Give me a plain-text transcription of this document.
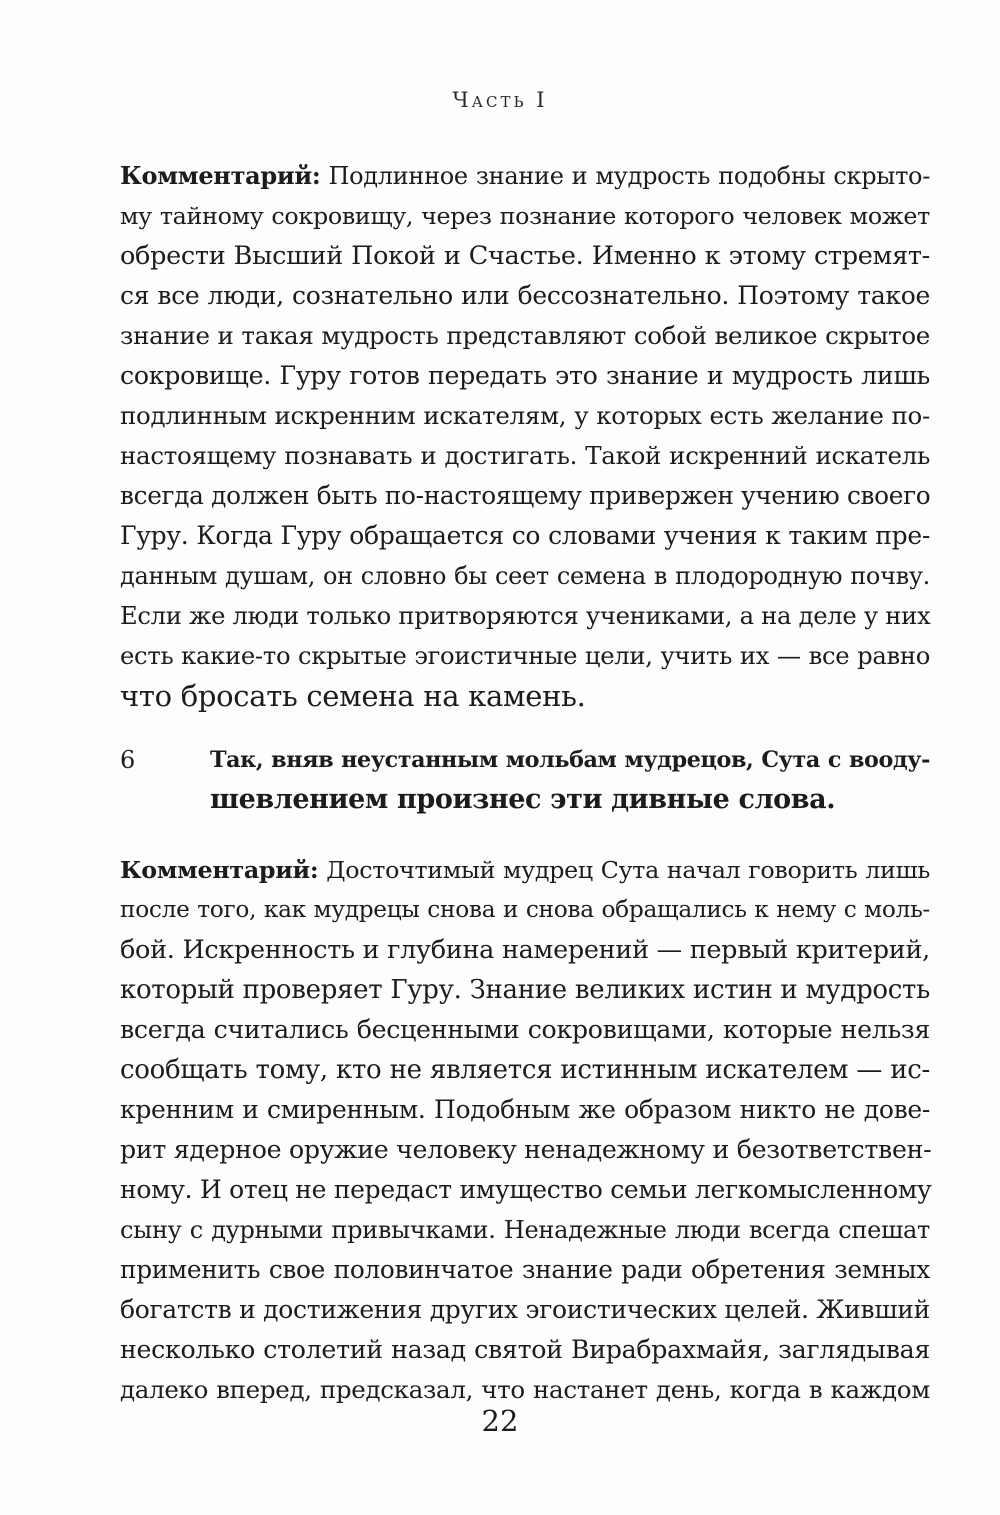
Часть I
Комментарий: Подлинное знание и мудрость подобны скрыто-
му тайному сокровищу, через познание которого человек может
обрести Высший Покой и Счастье. Именно к этому стремят-
ся все люди, сознательно или бессознательно. Поэтому такое
знание и такая мудрость представляют собой великое скрытое
сокровище. Гуру готов передать это знание и мудрость лишь
подлинным искренним искателям, у которых есть желание по-
настоящему познавать и достигать. Такой искренний искатель
всегда должен быть по-настоящему привержен учению своего
Гуру. Когда Гуру обращается со словами учения к таким пре-
данным душам, он словно бы сеет семена в плодородную почву.
Если же люди только притворяются учениками, а на деле у них
есть какие-то скрытые эгоистичные цели, учить их — все равно
что бросать семена на камень.
6	Так, вняв неустанным мольбам мудрецов, Сута с вооду-
шевлением произнес эти дивные слова.
Комментарий: Досточтимый мудрец Сута начал говорить лишь
после того, как мудрецы снова и снова обращались к нему с моль-
бой. Искренность и глубина намерений — первый критерий,
который проверяет Гуру. Знание великих истин и мудрость
всегда считались бесценными сокровищами, которые нельзя
сообщать тому, кто не является истинным искателем — ис-
кренним и смиренным. Подобным же образом никто не дове-
рит ядерное оружие человеку ненадежному и безответствен-
ному. И отец не передаст имущество семьи легкомысленному
сыну с дурными привычками. Ненадежные люди всегда спешат
применить свое половинчатое знание ради обретения земных
богатств и достижения других эгоистических целей. Живший
несколько столетий назад святой Вирабрахмайя, заглядывая
далеко вперед, предсказал, что настанет день, когда в каждом
22
